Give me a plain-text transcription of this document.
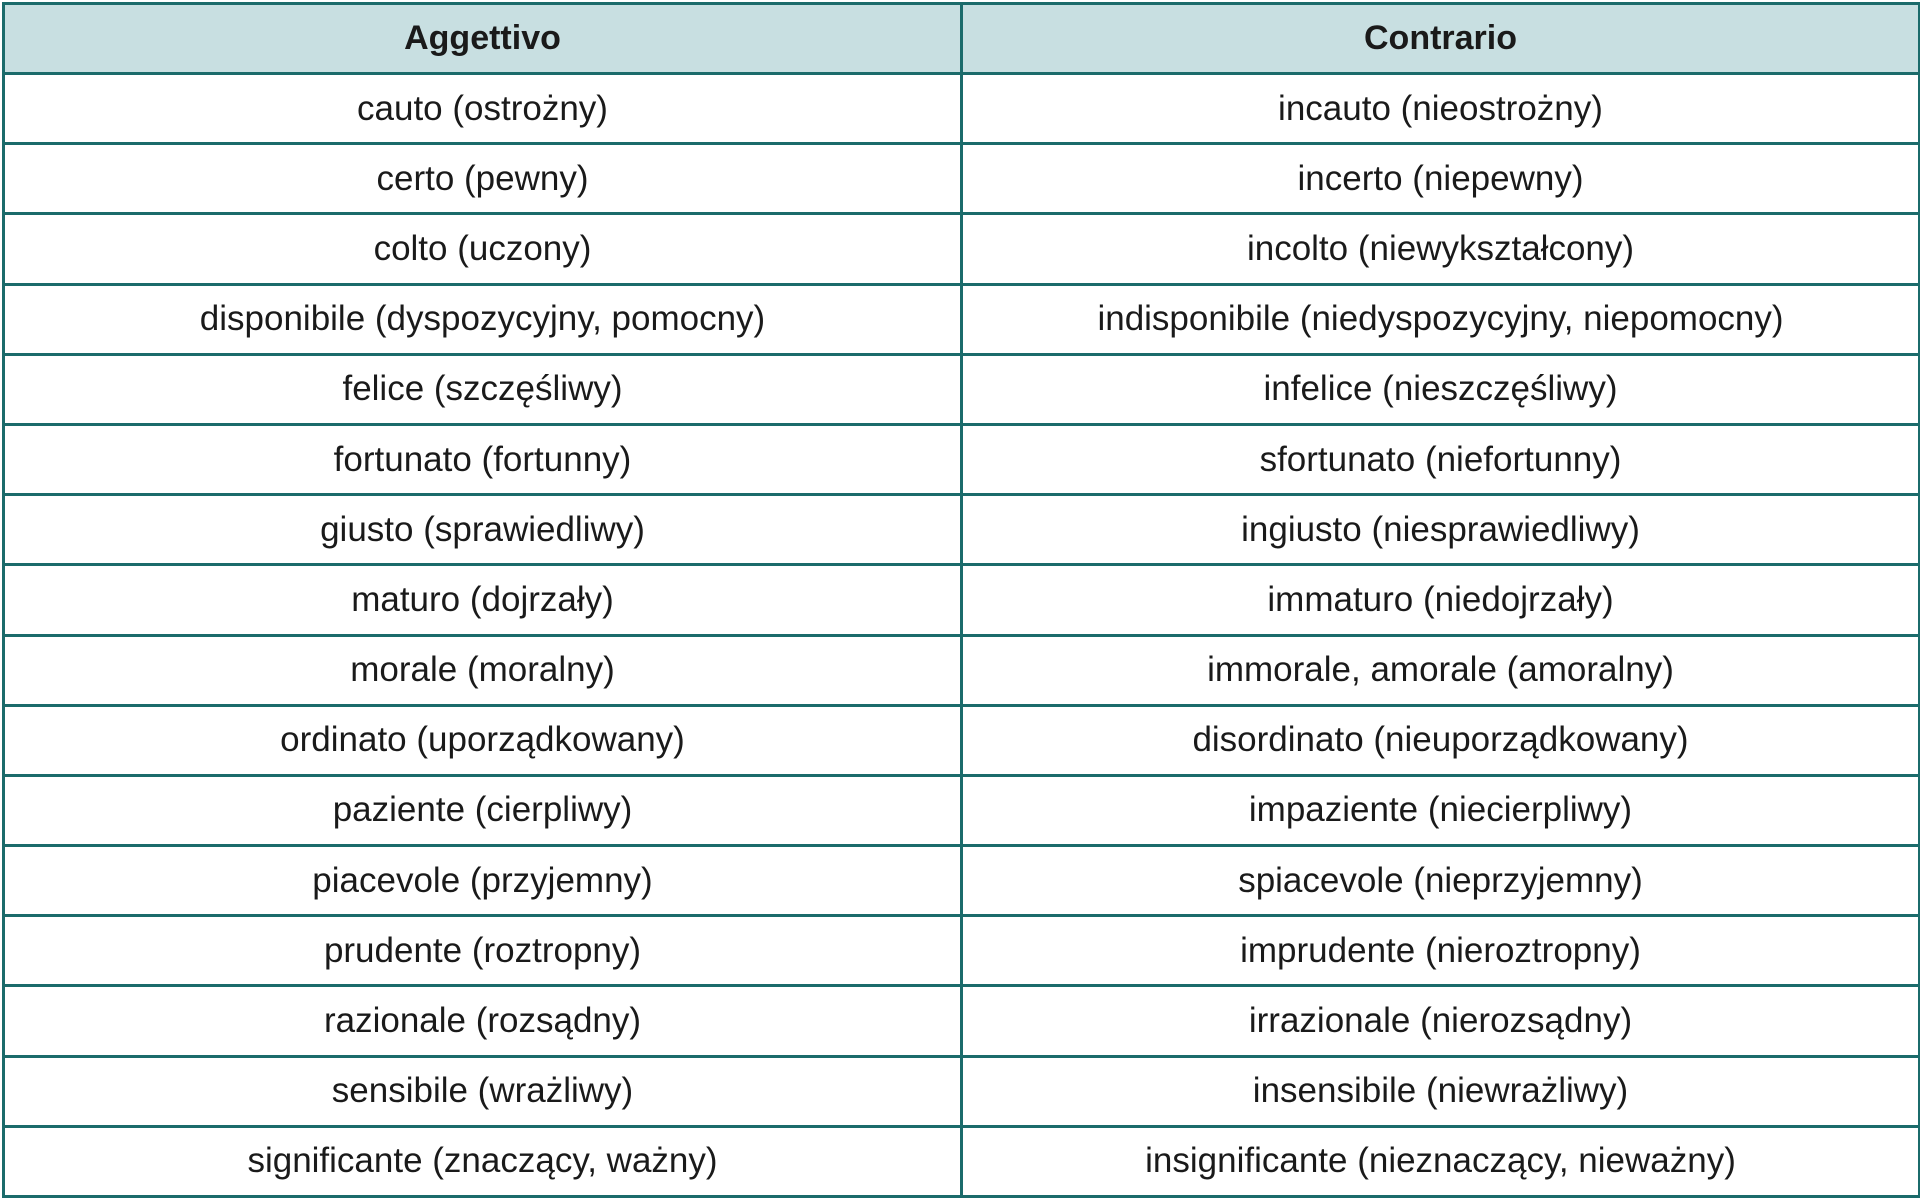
Aggettivo	Contrario
cauto (ostrożny)	incauto (nieostrożny)
certo (pewny)	incerto (niepewny)
colto (uczony)	incolto (niewykształcony)
disponibile (dyspozycyjny, pomocny)	indisponibile (niedyspozycyjny, niepomocny)
felice (szczęśliwy)	infelice (nieszczęśliwy)
fortunato (fortunny)	sfortunato (niefortunny)
giusto (sprawiedliwy)	ingiusto (niesprawiedliwy)
maturo (dojrzały)	immaturo (niedojrzały)
morale (moralny)	immorale, amorale (amoralny)
ordinato (uporządkowany)	disordinato (nieuporządkowany)
paziente (cierpliwy)	impaziente (niecierpliwy)
piacevole (przyjemny)	spiacevole (nieprzyjemny)
prudente (roztropny)	imprudente (nieroztropny)
razionale (rozsądny)	irrazionale (nierozsądny)
sensibile (wrażliwy)	insensibile (niewrażliwy)
significante (znaczący, ważny)	insignificante (nieznaczący, nieważny)
